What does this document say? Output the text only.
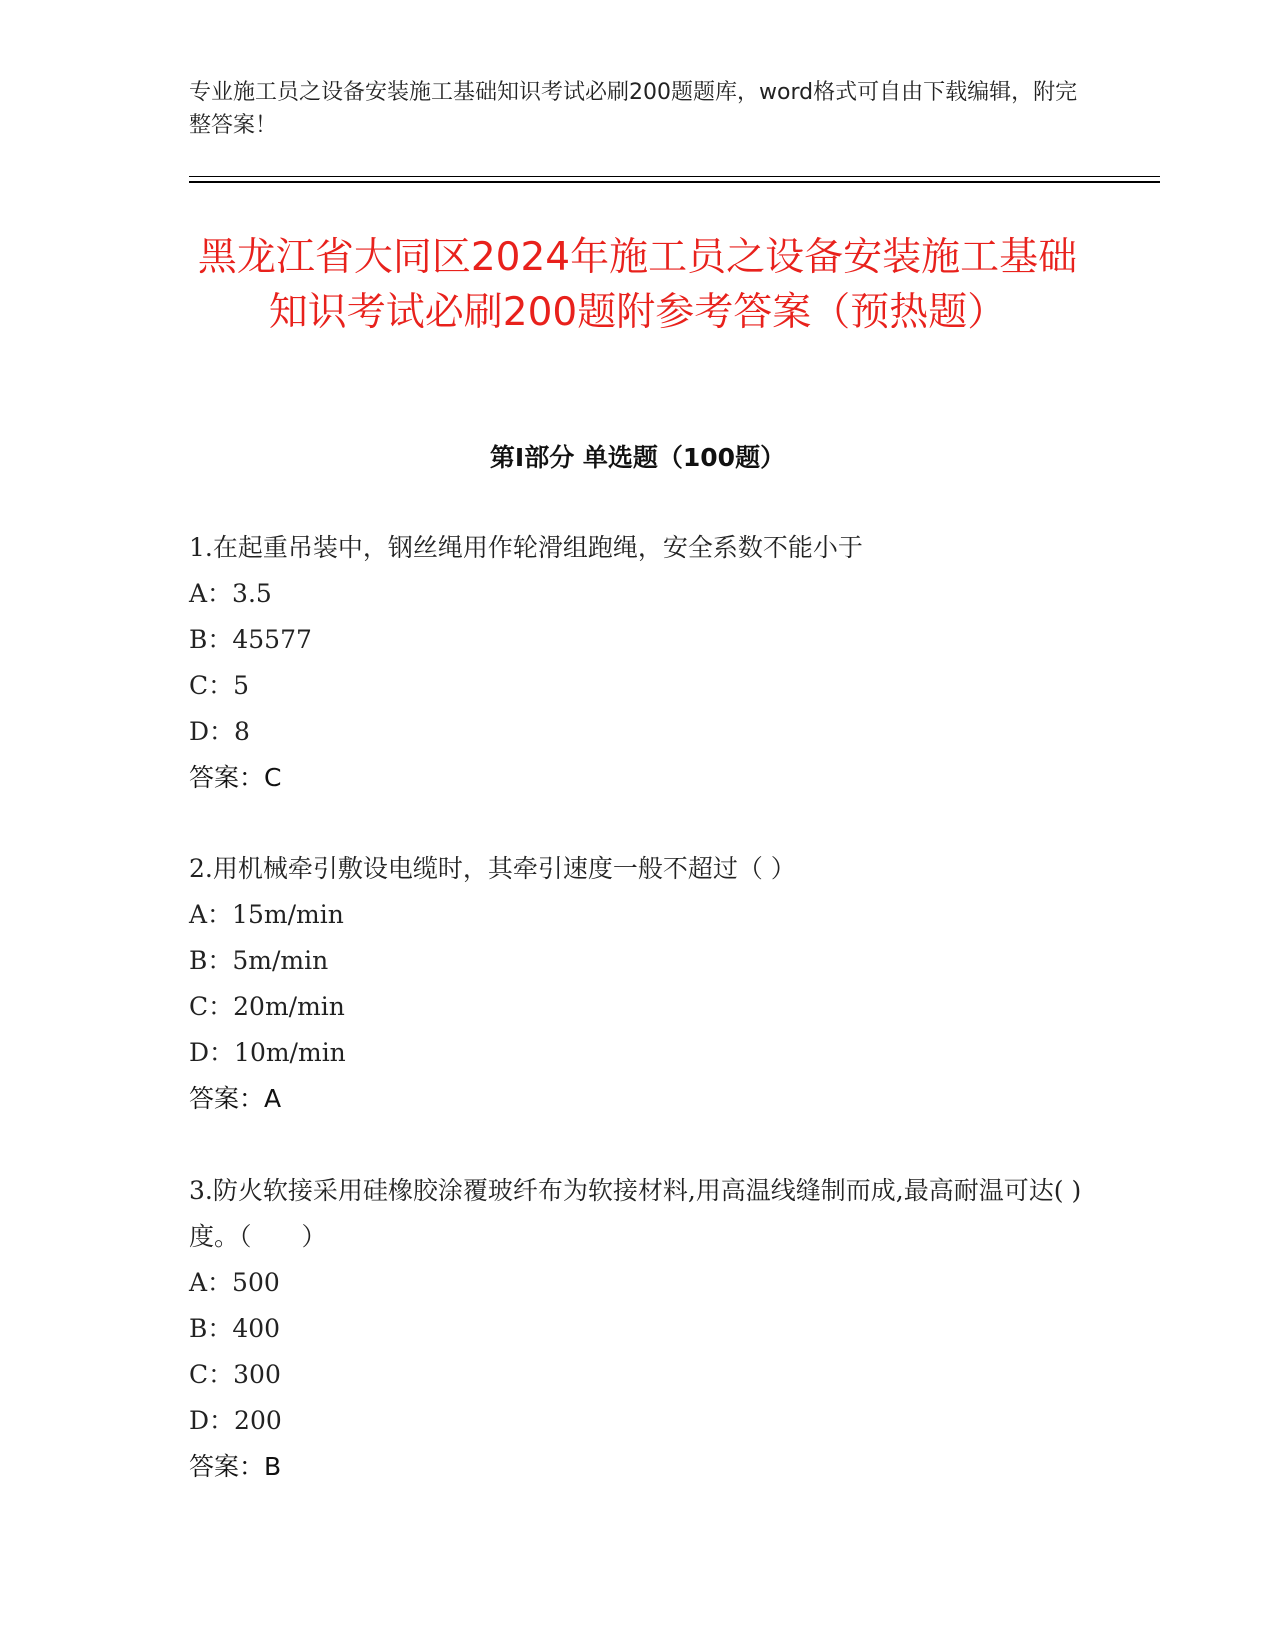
专业施工员之设备安装施工基础知识考试必刷200题题库，word格式可自由下载编辑，附完整答案！
黑龙江省大同区2024年施工员之设备安装施工基础知识考试必刷200题附参考答案（预热题）
第Ⅰ部分 单选题（100题）

1.在起重吊装中，钢丝绳用作轮滑组跑绳，安全系数不能小于

A：3.5

B：45577

C：5

D：8

答案：C

2.用机械牵引敷设电缆时，其牵引速度一般不超过（ ）

A：15m/min

B：5m/min

C：20m/min

D：10m/min

答案：A

3.防火软接采用硅橡胶涂覆玻纤布为软接材料,用高温线缝制而成,最高耐温可达( )度。（　　）

A：500

B：400

C：300

D：200

答案：B
